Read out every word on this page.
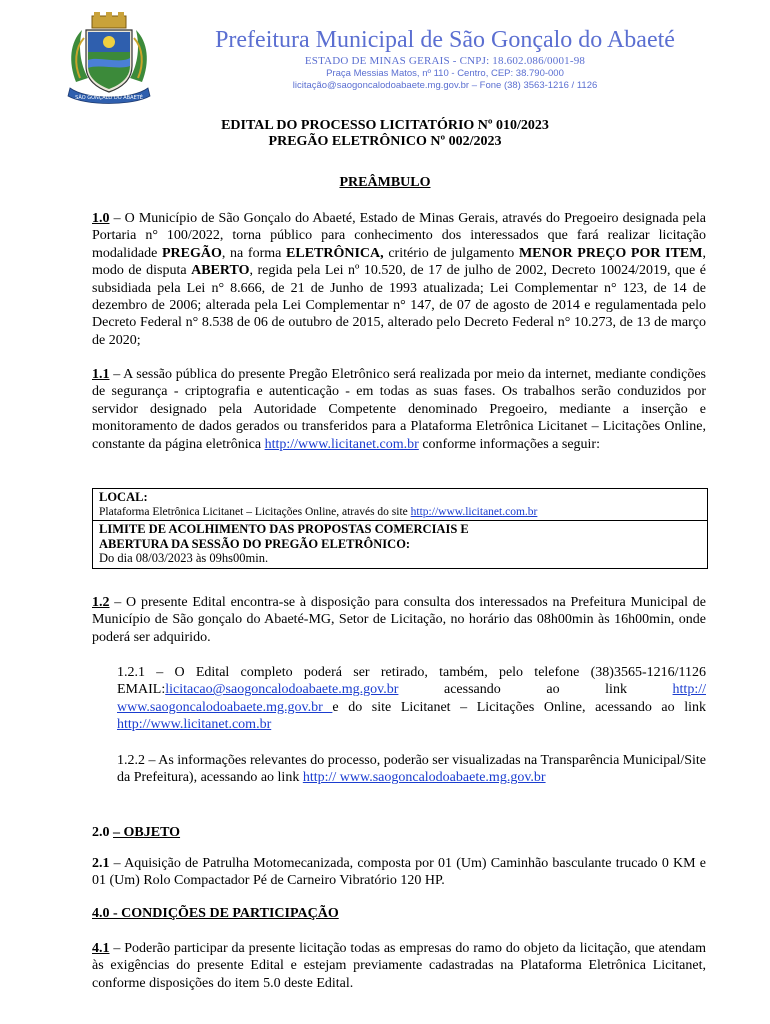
SÃO GONÇALO DO ABAETÉ
Prefeitura Municipal de São Gonçalo do Abaeté
ESTADO DE MINAS GERAIS - CNPJ: 18.602.086/0001-98
Praça Messias Matos, nº 110 - Centro, CEP: 38.790-000
licitação@saogoncalodoabaete.mg.gov.br – Fone (38) 3563-1216 / 1126
EDITAL DO PROCESSO LICITATÓRIO Nº 010/2023
PREGÃO ELETRÔNICO Nº 002/2023
PREÂMBULO
1.0 – O Município de São Gonçalo do Abaeté, Estado de Minas Gerais, através do Pregoeiro designada pela Portaria n° 100/2022, torna público para conhecimento dos interessados que fará realizar licitação modalidade PREGÃO, na forma ELETRÔNICA, critério de julgamento MENOR PREÇO POR ITEM, modo de disputa ABERTO, regida pela Lei nº 10.520, de 17 de julho de 2002, Decreto 10024/2019, que é subsidiada pela Lei n° 8.666, de 21 de Junho de 1993 atualizada; Lei Complementar n° 123, de 14 de dezembro de 2006; alterada pela Lei Complementar n° 147, de 07 de agosto de 2014 e regulamentada pelo Decreto Federal n° 8.538 de 06 de outubro de 2015, alterado pelo Decreto Federal n° 10.273, de 13 de março de 2020;
1.1 – A sessão pública do presente Pregão Eletrônico será realizada por meio da internet, mediante condições de segurança - criptografia e autenticação - em todas as suas fases. Os trabalhos serão conduzidos por servidor designado pela Autoridade Competente denominado Pregoeiro, mediante a inserção e monitoramento de dados gerados ou transferidos para a Plataforma Eletrônica Licitanet – Licitações Online, constante da página eletrônica http://www.licitanet.com.br conforme informações a seguir:
LOCAL:
Plataforma Eletrônica Licitanet – Licitações Online, através do site http://www.licitanet.com.br
LIMITE DE ACOLHIMENTO DAS PROPOSTAS COMERCIAIS E
ABERTURA DA SESSÃO DO PREGÃO ELETRÔNICO:
Do dia 08/03/2023 às 09hs00min.
1.2 – O presente Edital encontra-se à disposição para consulta dos interessados na Prefeitura Municipal de Município de São gonçalo do Abaeté-MG, Setor de Licitação, no horário das 08h00min às 16h00min, onde poderá ser adquirido.
1.2.1 – O Edital completo poderá ser retirado, também, pelo telefone (38)3565-1216/1126 EMAIL:licitacao@saogoncalodoabaete.mg.gov.br acessando ao link http:// www.saogoncalodoabaete.mg.gov.br e do site Licitanet – Licitações Online, acessando ao link http://www.licitanet.com.br
1.2.2 – As informações relevantes do processo, poderão ser visualizadas na Transparência Municipal/Site da Prefeitura), acessando ao link http:// www.saogoncalodoabaete.mg.gov.br
2.0 – OBJETO
2.1 – Aquisição de Patrulha Motomecanizada, composta por 01 (Um) Caminhão basculante trucado 0 KM e 01 (Um) Rolo Compactador Pé de Carneiro Vibratório 120 HP.
4.0 - CONDIÇÕES DE PARTICIPAÇÃO
4.1 – Poderão participar da presente licitação todas as empresas do ramo do objeto da licitação, que atendam às exigências do presente Edital e estejam previamente cadastradas na Plataforma Eletrônica Licitanet, conforme disposições do item 5.0 deste Edital.
